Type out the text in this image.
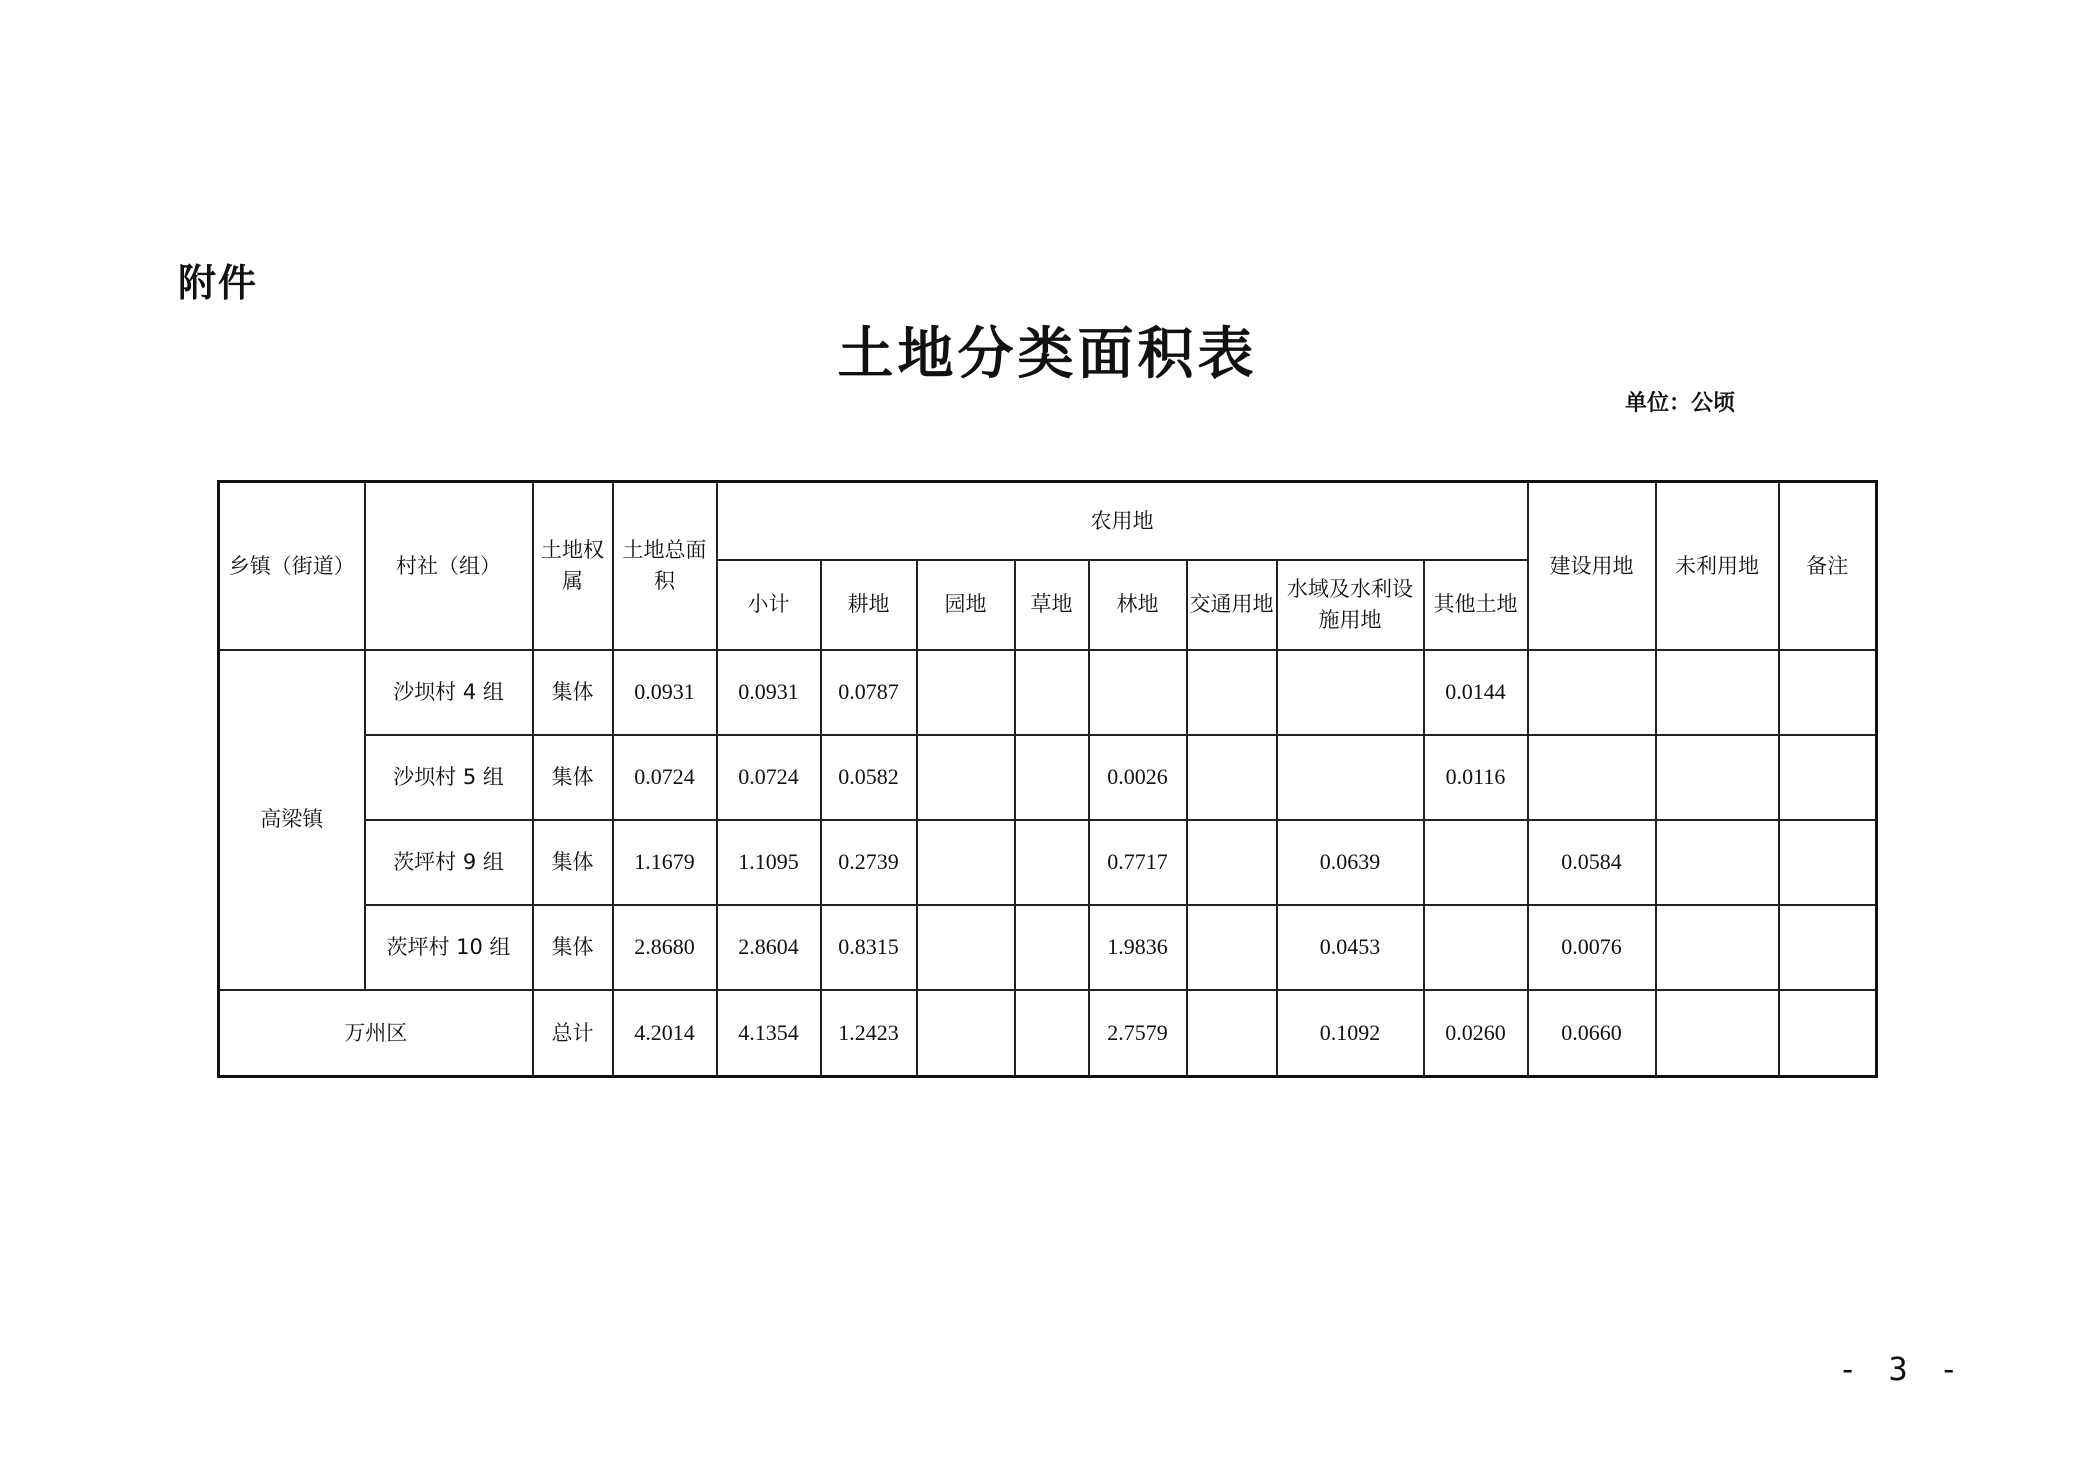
附件
土地分类面积表
单位：公顷
乡镇（街道）	村社（组）	土地权属	土地总面积	农用地								建设用地	未利用地	备注
				小计	耕地	园地	草地	林地	交通用地	水域及水利设施用地	其他土地			
高梁镇	沙坝村 4 组	集体	0.0931	0.0931	0.0787						0.0144			
	沙坝村 5 组	集体	0.0724	0.0724	0.0582			0.0026			0.0116			
	茨坪村 9 组	集体	1.1679	1.1095	0.2739			0.7717		0.0639		0.0584		
	茨坪村 10 组	集体	2.8680	2.8604	0.8315			1.9836		0.0453		0.0076		
万州区		总计	4.2014	4.1354	1.2423			2.7579		0.1092	0.0260	0.0660		
- 3 -
